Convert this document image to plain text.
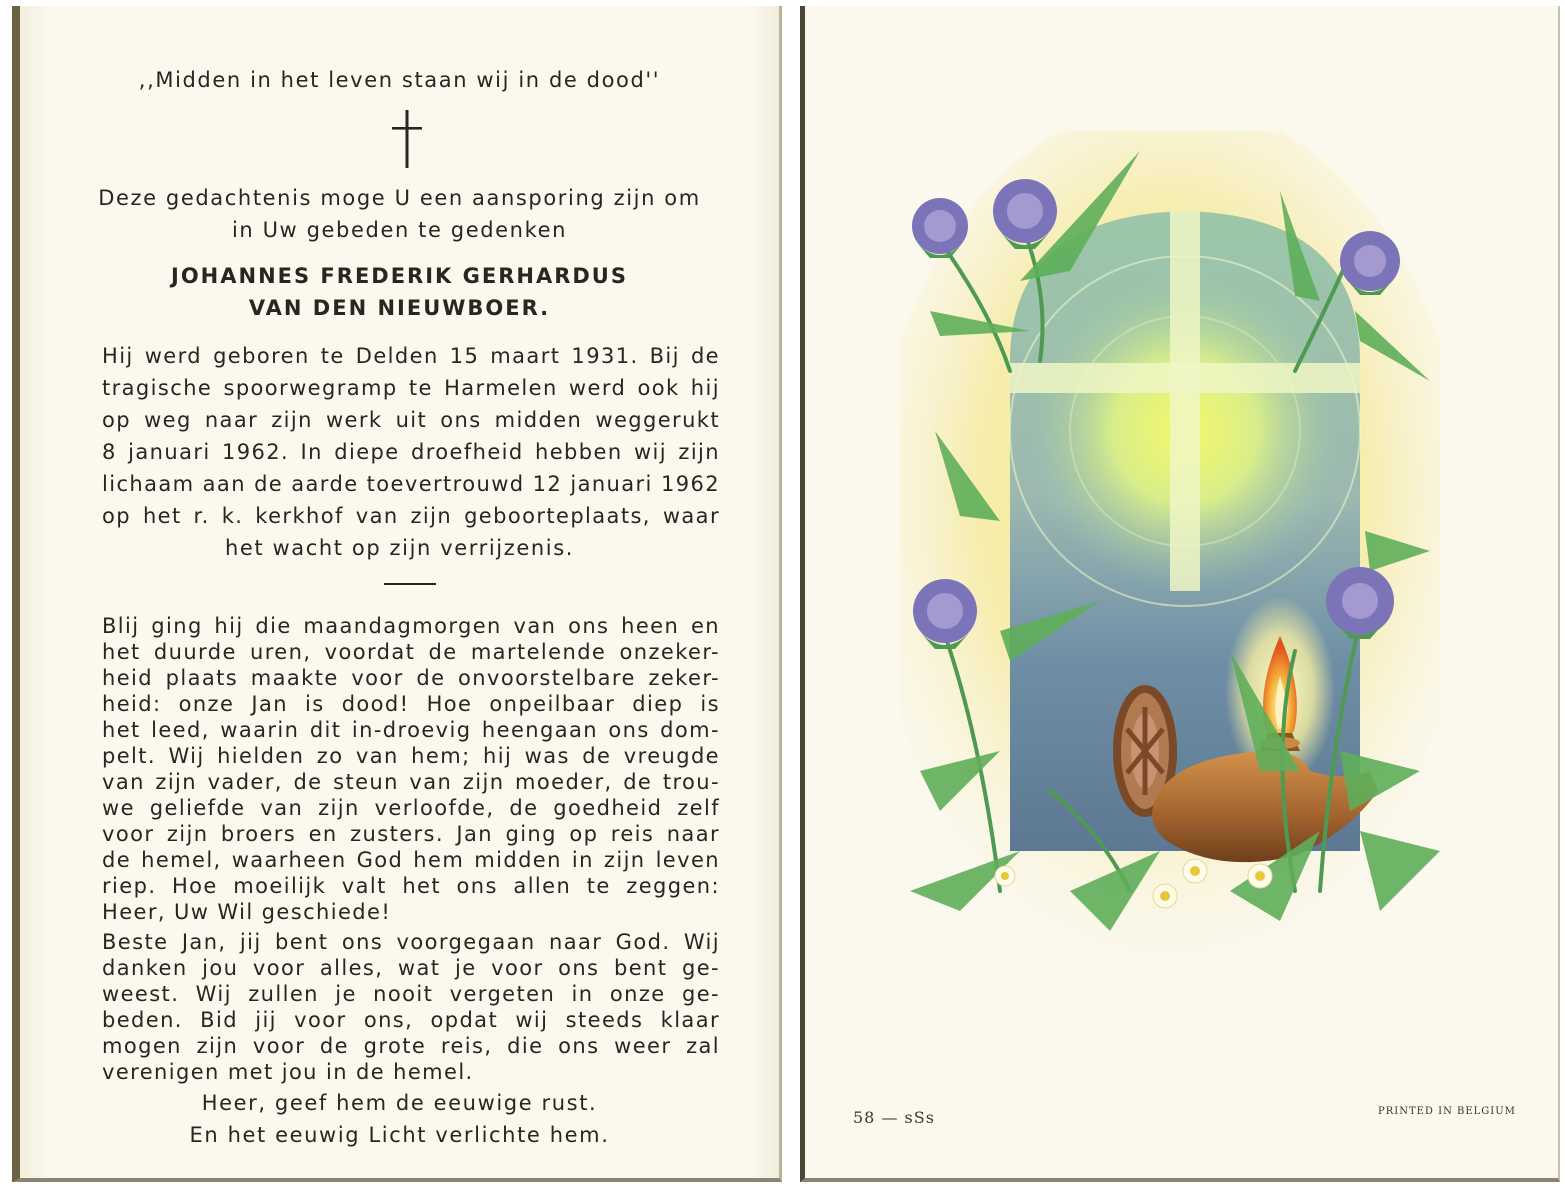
,,Midden in het leven staan wij in de dood''
Deze gedachtenis moge U een aansporing zijn om
in Uw gebeden te gedenken
JOHANNES FREDERIK GERHARDUS
VAN DEN NIEUWBOER.
Hij werd geboren te Delden 15 maart 1931. Bij de
tragische spoorwegramp te Harmelen werd ook hij
op weg naar zijn werk uit ons midden weggerukt
8 januari 1962. In diepe droefheid hebben wij zijn
lichaam aan de aarde toevertrouwd 12 januari 1962
op het r. k. kerkhof van zijn geboorteplaats, waar
het wacht op zijn verrijzenis.
Blij ging hij die maandagmorgen van ons heen en
het duurde uren, voordat de martelende onzeker-
heid plaats maakte voor de onvoorstelbare zeker-
heid: onze Jan is dood! Hoe onpeilbaar diep is
het leed, waarin dit in-droevig heengaan ons dom-
pelt. Wij hielden zo van hem; hij was de vreugde
van zijn vader, de steun van zijn moeder, de trou-
we geliefde van zijn verloofde, de goedheid zelf
voor zijn broers en zusters. Jan ging op reis naar
de hemel, waarheen God hem midden in zijn leven
riep. Hoe moeilijk valt het ons allen te zeggen:
Heer, Uw Wil geschiede!
Beste Jan, jij bent ons voorgegaan naar God. Wij
danken jou voor alles, wat je voor ons bent ge-
weest. Wij zullen je nooit vergeten in onze ge-
beden. Bid jij voor ons, opdat wij steeds klaar
mogen zijn voor de grote reis, die ons weer zal
verenigen met jou in de hemel.
Heer, geef hem de eeuwige rust.
En het eeuwig Licht verlichte hem.
58 — sSs	PRINTED IN BELGIUM
